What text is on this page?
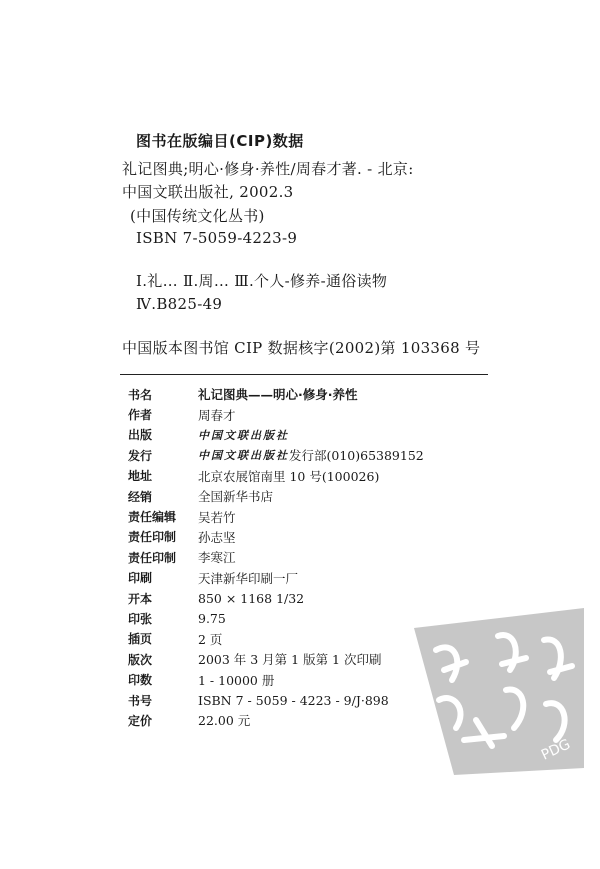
图书在版编目(CIP)数据
礼记图典;明心·修身·养性/周春才著. - 北京:
中国文联出版社, 2002.3
(中国传统文化丛书)
ISBN 7-5059-4223-9
Ⅰ.礼… Ⅱ.周… Ⅲ.个人-修养-通俗读物
Ⅳ.B825-49
中国版本图书馆 CIP 数据核字(2002)第 103368 号
书名	礼记图典——明心·修身·养性
作者	周春才
出版	中国文联出版社
发行	中国文联出版社 发行部(010)65389152
地址	北京农展馆南里 10 号(100026)
经销	全国新华书店
责任编辑	吴若竹
责任印制	孙志坚
责任印制	李寒江
印刷	天津新华印刷一厂
开本	850 × 1168 1/32
印张	9.75
插页	2 页
版次	2003 年 3 月第 1 版第 1 次印刷
印数	1 - 10000 册
书号	ISBN 7 - 5059 - 4223 - 9/J·898
定价	22.00 元
PDG
